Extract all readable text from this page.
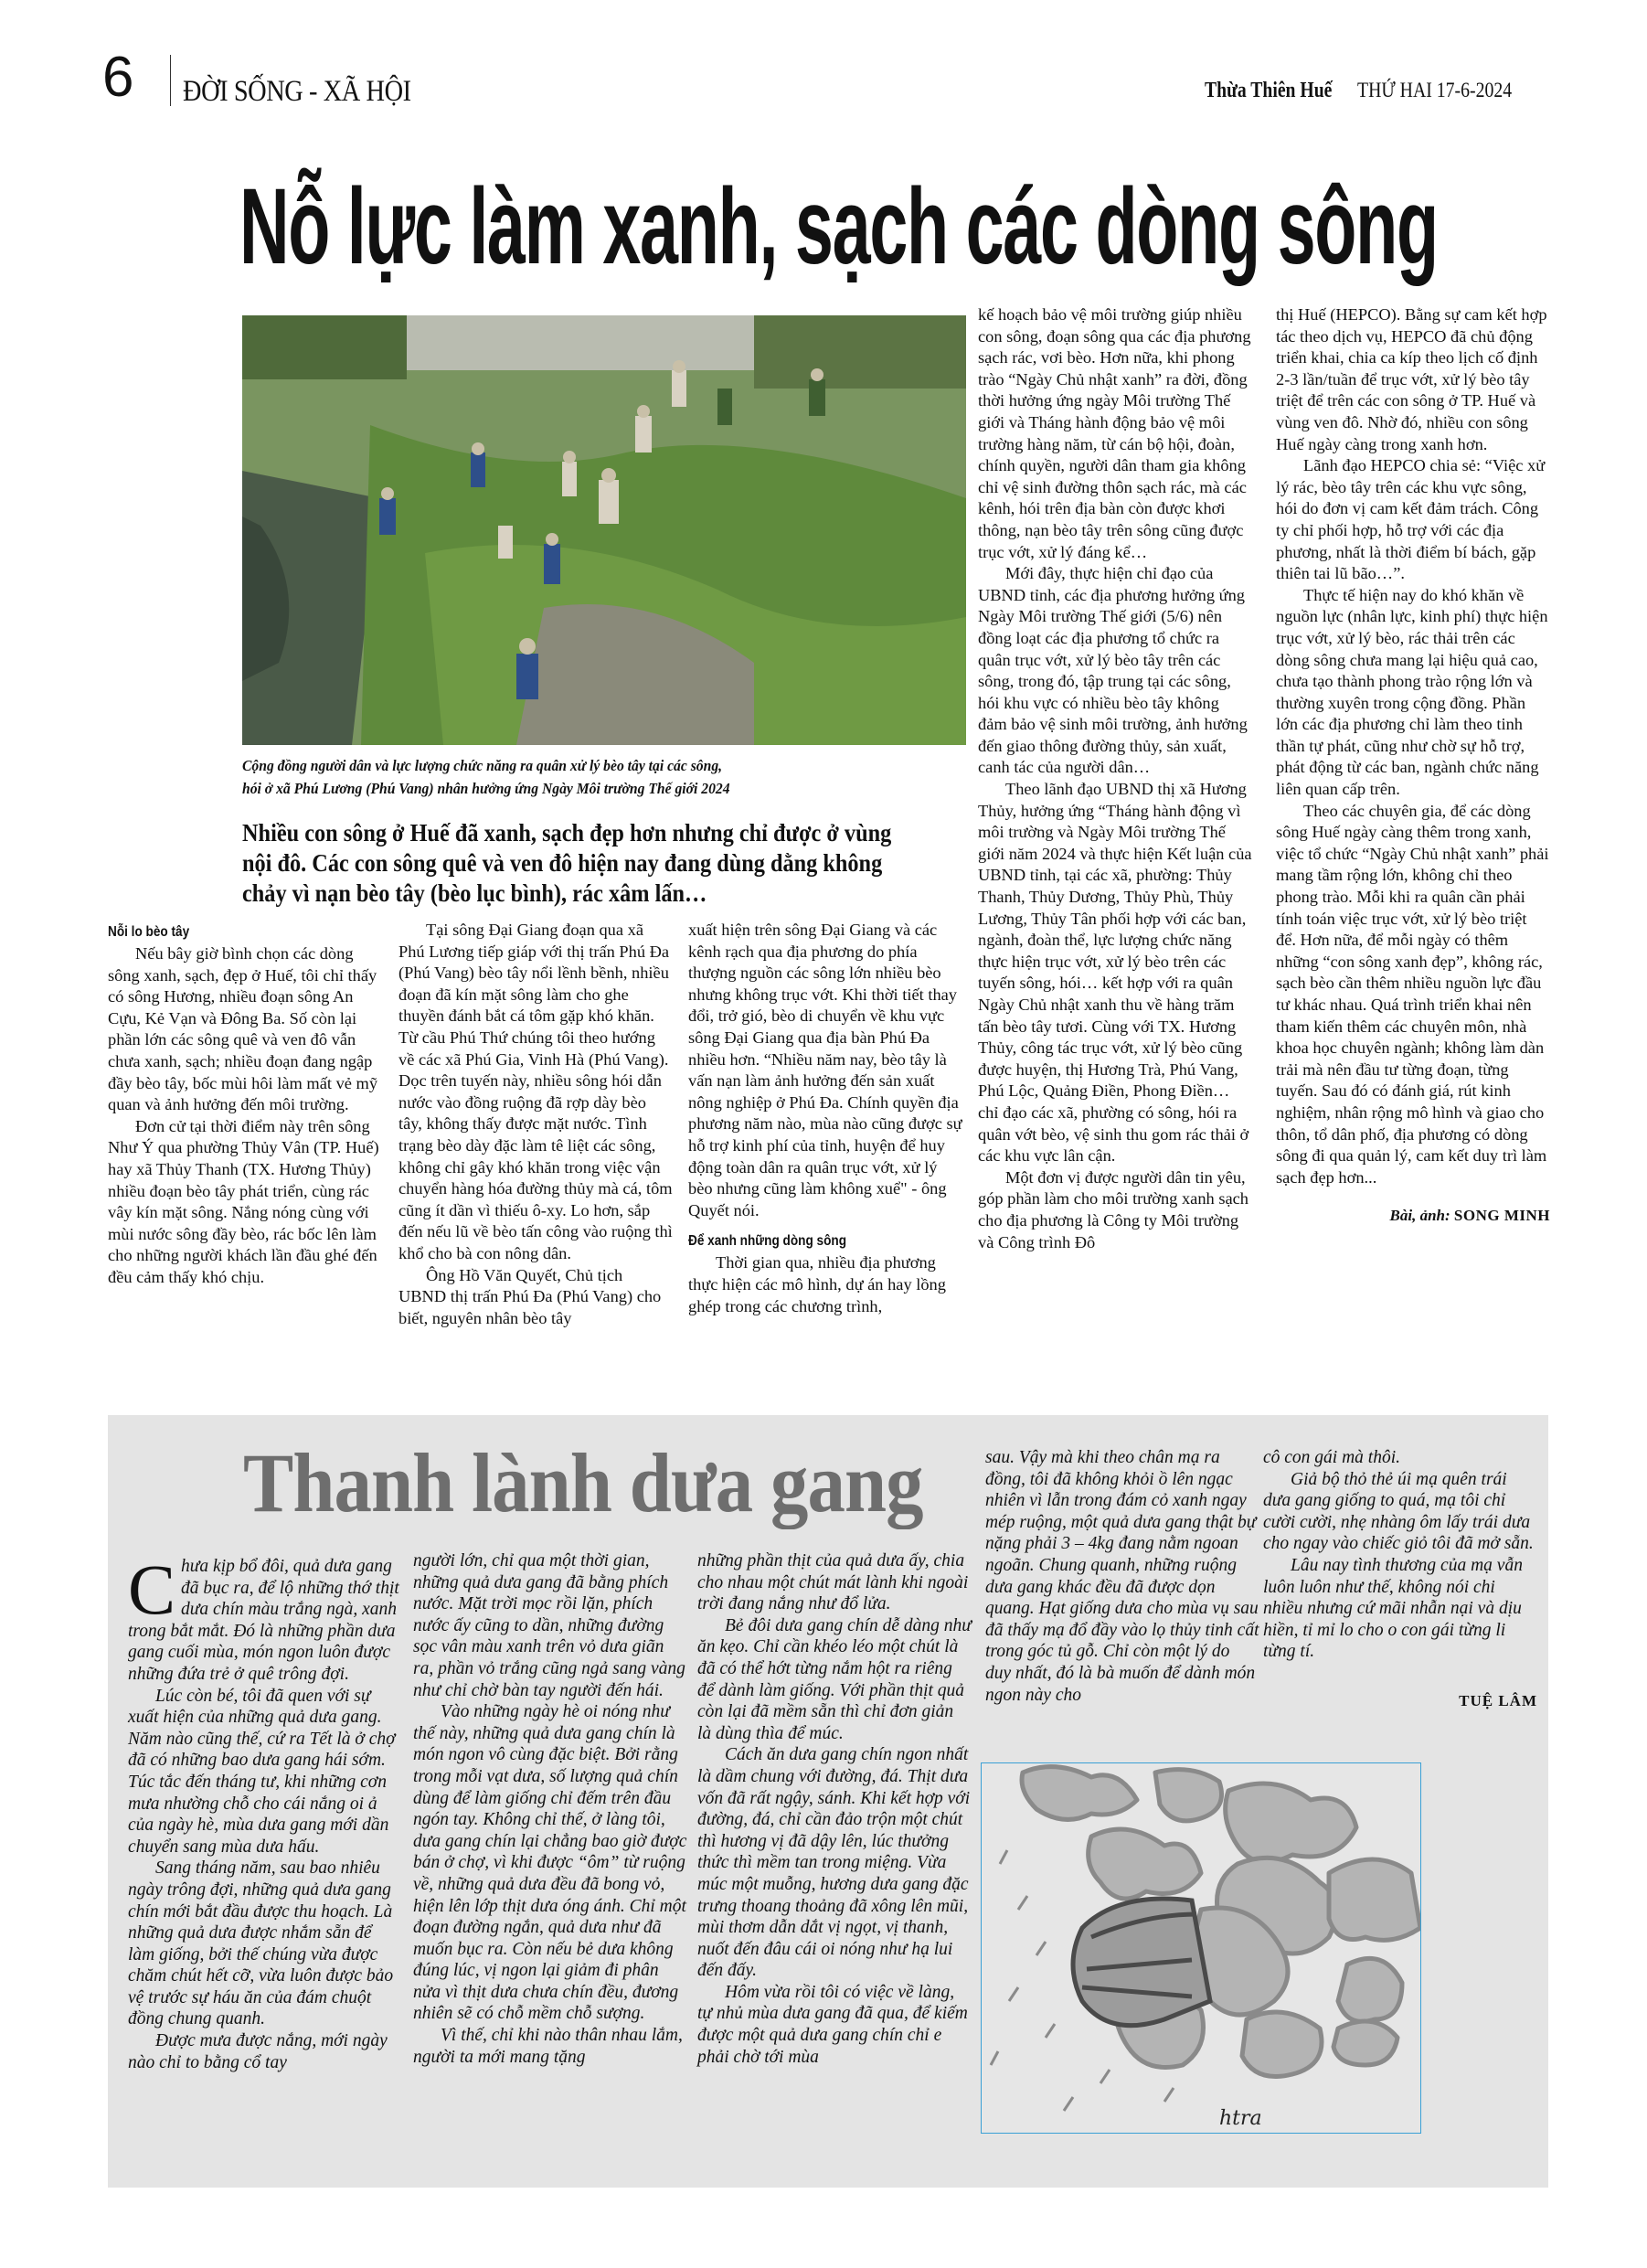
6 ĐỜI SỐNG - XÃ HỘI	Thừa Thiên Huế THỨ HAI 17-6-2024
Nỗ lực làm xanh, sạch các dòng sông
Cộng đồng người dân và lực lượng chức năng ra quân xử lý bèo tây tại các sông,
hói ở xã Phú Lương (Phú Vang) nhân hưởng ứng Ngày Môi trường Thế giới 2024
Nhiều con sông ở Huế đã xanh, sạch đẹp hơn nhưng chỉ được ở vùng nội đô. Các con sông quê và ven đô hiện nay đang dùng dằng không chảy vì nạn bèo tây (bèo lục bình), rác xâm lấn…

Nỗi lo bèo tây

Nếu bây giờ bình chọn các dòng sông xanh, sạch, đẹp ở Huế, tôi chỉ thấy có sông Hương, nhiều đoạn sông An Cựu, Kẻ Vạn và Đông Ba. Số còn lại phần lớn các sông quê và ven đô vẫn chưa xanh, sạch; nhiều đoạn đang ngập đầy bèo tây, bốc mùi hôi làm mất vẻ mỹ quan và ảnh hưởng đến môi trường.

Đơn cử tại thời điểm này trên sông Như Ý qua phường Thủy Vân (TP. Huế) hay xã Thủy Thanh (TX. Hương Thủy) nhiều đoạn bèo tây phát triển, cùng rác vây kín mặt sông. Nắng nóng cùng với mùi nước sông đầy bèo, rác bốc lên làm cho những người khách lần đầu ghé đến đều cảm thấy khó chịu.

Tại sông Đại Giang đoạn qua xã Phú Lương tiếp giáp với thị trấn Phú Đa (Phú Vang) bèo tây nổi lềnh bềnh, nhiều đoạn đã kín mặt sông làm cho ghe thuyền đánh bắt cá tôm gặp khó khăn. Từ cầu Phú Thứ chúng tôi theo hướng về các xã Phú Gia, Vinh Hà (Phú Vang). Dọc trên tuyến này, nhiều sông hói dẫn nước vào đồng ruộng đã rợp dày bèo tây, không thấy được mặt nước. Tình trạng bèo dày đặc làm tê liệt các sông, không chỉ gây khó khăn trong việc vận chuyển hàng hóa đường thủy mà cá, tôm cũng ít dần vì thiếu ô-xy. Lo hơn, sắp đến nếu lũ về bèo tấn công vào ruộng thì khổ cho bà con nông dân.

Ông Hồ Văn Quyết, Chủ tịch UBND thị trấn Phú Đa (Phú Vang) cho biết, nguyên nhân bèo tây

xuất hiện trên sông Đại Giang và các kênh rạch qua địa phương do phía thượng nguồn các sông lớn nhiều bèo nhưng không trục vớt. Khi thời tiết thay đổi, trở gió, bèo di chuyển về khu vực sông Đại Giang qua địa bàn Phú Đa nhiều hơn. “Nhiều năm nay, bèo tây là vấn nạn làm ảnh hưởng đến sản xuất nông nghiệp ở Phú Đa. Chính quyền địa phương năm nào, mùa nào cũng được sự hỗ trợ kinh phí của tỉnh, huyện để huy động toàn dân ra quân trục vớt, xử lý bèo nhưng cũng làm không xuể" - ông Quyết nói.

Để xanh những dòng sông

Thời gian qua, nhiều địa phương thực hiện các mô hình, dự án hay lồng ghép trong các chương trình,

kế hoạch bảo vệ môi trường giúp nhiều con sông, đoạn sông qua các địa phương sạch rác, vơi bèo. Hơn nữa, khi phong trào “Ngày Chủ nhật xanh” ra đời, đồng thời hưởng ứng ngày Môi trường Thế giới và Tháng hành động bảo vệ môi trường hàng năm, từ cán bộ hội, đoàn, chính quyền, người dân tham gia không chỉ vệ sinh đường thôn sạch rác, mà các kênh, hói trên địa bàn còn được khơi thông, nạn bèo tây trên sông cũng được trục vớt, xử lý đáng kể…

Mới đây, thực hiện chỉ đạo của UBND tỉnh, các địa phương hưởng ứng Ngày Môi trường Thế giới (5/6) nên đồng loạt các địa phương tổ chức ra quân trục vớt, xử lý bèo tây trên các sông, trong đó, tập trung tại các sông, hói khu vực có nhiều bèo tây không đảm bảo vệ sinh môi trường, ảnh hưởng đến giao thông đường thủy, sản xuất, canh tác của người dân…

Theo lãnh đạo UBND thị xã Hương Thủy, hưởng ứng “Tháng hành động vì môi trường và Ngày Môi trường Thế giới năm 2024 và thực hiện Kết luận của UBND tỉnh, tại các xã, phường: Thủy Thanh, Thủy Dương, Thủy Phù, Thủy Lương, Thủy Tân phối hợp với các ban, ngành, đoàn thể, lực lượng chức năng thực hiện trục vớt, xử lý bèo trên các tuyến sông, hói… kết hợp với ra quân Ngày Chủ nhật xanh thu về hàng trăm tấn bèo tây tươi. Cùng với TX. Hương Thủy, công tác trục vớt, xử lý bèo cũng được huyện, thị Hương Trà, Phú Vang, Phú Lộc, Quảng Điền, Phong Điền… chỉ đạo các xã, phường có sông, hói ra quân vớt bèo, vệ sinh thu gom rác thải ở các khu vực lân cận.

Một đơn vị được người dân tin yêu, góp phần làm cho môi trường xanh sạch cho địa phương là Công ty Môi trường và Công trình Đô

thị Huế (HEPCO). Bằng sự cam kết hợp tác theo dịch vụ, HEPCO đã chủ động triển khai, chia ca kíp theo lịch cố định 2-3 lần/tuần để trục vớt, xử lý bèo tây triệt để trên các con sông ở TP. Huế và vùng ven đô. Nhờ đó, nhiều con sông Huế ngày càng trong xanh hơn.

Lãnh đạo HEPCO chia sẻ: “Việc xử lý rác, bèo tây trên các khu vực sông, hói do đơn vị cam kết đảm trách. Công ty chỉ phối hợp, hỗ trợ với các địa phương, nhất là thời điểm bí bách, gặp thiên tai lũ bão…”.

Thực tế hiện nay do khó khăn về nguồn lực (nhân lực, kinh phí) thực hiện trục vớt, xử lý bèo, rác thải trên các dòng sông chưa mang lại hiệu quả cao, chưa tạo thành phong trào rộng lớn và thường xuyên trong cộng đồng. Phần lớn các địa phương chỉ làm theo tinh thần tự phát, cũng như chờ sự hỗ trợ, phát động từ các ban, ngành chức năng liên quan cấp trên.

Theo các chuyên gia, để các dòng sông Huế ngày càng thêm trong xanh, việc tổ chức “Ngày Chủ nhật xanh” phải mang tầm rộng lớn, không chỉ theo phong trào. Mỗi khi ra quân cần phải tính toán việc trục vớt, xử lý bèo triệt để. Hơn nữa, để mỗi ngày có thêm những “con sông xanh đẹp”, không rác, sạch bèo cần thêm nhiều nguồn lực đầu tư khác nhau. Quá trình triển khai nên tham kiến thêm các chuyên môn, nhà khoa học chuyên ngành; không làm dàn trải mà nên đầu tư từng đoạn, từng tuyến. Sau đó có đánh giá, rút kinh nghiệm, nhân rộng mô hình và giao cho thôn, tổ dân phố, địa phương có dòng sông đi qua quản lý, cam kết duy trì làm sạch đẹp hơn...

Bài, ảnh: SONG MINH
Thanh lành dưa gang

Chưa kịp bổ đôi, quả dưa gang đã bục ra, để lộ những thớ thịt dưa chín màu trắng ngà, xanh trong bắt mắt. Đó là những phần dưa gang cuối mùa, món ngon luôn được những đứa trẻ ở quê trông đợi.

Lúc còn bé, tôi đã quen với sự xuất hiện của những quả dưa gang. Năm nào cũng thế, cứ ra Tết là ở chợ đã có những bao dưa gang hái sớm. Túc tắc đến tháng tư, khi những cơn mưa nhường chỗ cho cái nắng oi ả của ngày hè, mùa dưa gang mới dần chuyển sang mùa dưa hấu.

Sang tháng năm, sau bao nhiêu ngày trông đợi, những quả dưa gang chín mới bắt đầu được thu hoạch. Là những quả dưa được nhắm sẵn để làm giống, bởi thế chúng vừa được chăm chút hết cỡ, vừa luôn được bảo vệ trước sự háu ăn của đám chuột đồng chung quanh.

Được mưa được nắng, mới ngày nào chỉ to bằng cổ tay

người lớn, chỉ qua một thời gian, những quả dưa gang đã bằng phích nước. Mặt trời mọc rồi lặn, phích nước ấy cũng to dần, những đường sọc vân màu xanh trên vỏ dưa giãn ra, phần vỏ trắng cũng ngả sang vàng như chỉ chờ bàn tay người đến hái.

Vào những ngày hè oi nóng như thế này, những quả dưa gang chín là món ngon vô cùng đặc biệt. Bởi rằng trong mỗi vạt dưa, số lượng quả chín dùng để làm giống chỉ đếm trên đầu ngón tay. Không chỉ thế, ở làng tôi, dưa gang chín lại chẳng bao giờ được bán ở chợ, vì khi được “ôm” từ ruộng về, những quả dưa đều đã bong vỏ, hiện lên lớp thịt dưa óng ánh. Chỉ một đoạn đường ngắn, quả dưa như đã muốn bục ra. Còn nếu bẻ dưa không đúng lúc, vị ngon lại giảm đi phân nửa vì thịt dưa chưa chín đều, đương nhiên sẽ có chỗ mềm chỗ sượng.

Vì thế, chỉ khi nào thân nhau lắm, người ta mới mang tặng

những phần thịt của quả dưa ấy, chia cho nhau một chút mát lành khi ngoài trời đang nắng như đổ lửa.

Bẻ đôi dưa gang chín dễ dàng như ăn kẹo. Chỉ cần khéo léo một chút là đã có thể hớt từng nắm hột ra riêng để dành làm giống. Với phần thịt quả còn lại đã mềm sẵn thì chỉ đơn giản là dùng thìa để múc.

Cách ăn dưa gang chín ngon nhất là dầm chung với đường, đá. Thịt dưa vốn đã rất ngậy, sánh. Khi kết hợp với đường, đá, chỉ cần đảo trộn một chút thì hương vị đã dậy lên, lúc thưởng thức thì mềm tan trong miệng. Vừa múc một muỗng, hương dưa gang đặc trưng thoang thoảng đã xông lên mũi, mùi thơm dẫn dắt vị ngọt, vị thanh, nuốt đến đâu cái oi nóng như hạ lui đến đấy.

Hôm vừa rồi tôi có việc về làng, tự nhủ mùa dưa gang đã qua, để kiếm được một quả dưa gang chín chỉ e phải chờ tới mùa

sau. Vậy mà khi theo chân mạ ra đồng, tôi đã không khỏi ồ lên ngạc nhiên vì lẫn trong đám cỏ xanh ngay mép ruộng, một quả dưa gang thật bự nặng phải 3 – 4kg đang nằm ngoan ngoãn. Chung quanh, những ruộng dưa gang khác đều đã được dọn quang. Hạt giống dưa cho mùa vụ sau đã thấy mạ đổ đầy vào lọ thủy tinh cất trong góc tủ gỗ. Chỉ còn một lý do duy nhất, đó là bà muốn để dành món ngon này cho

cô con gái mà thôi.

Giả bộ thỏ thẻ úi mạ quên trái dưa gang giống to quá, mạ tôi chỉ cười cười, nhẹ nhàng ôm lấy trái dưa cho ngay vào chiếc giỏ tôi đã mở sẵn.

Lâu nay tình thương của mạ vẫn luôn luôn như thế, không nói chi nhiều nhưng cứ mãi nhẫn nại và dịu hiền, tỉ mỉ lo cho o con gái từng li từng tí.

TUỆ LÂM
htra
